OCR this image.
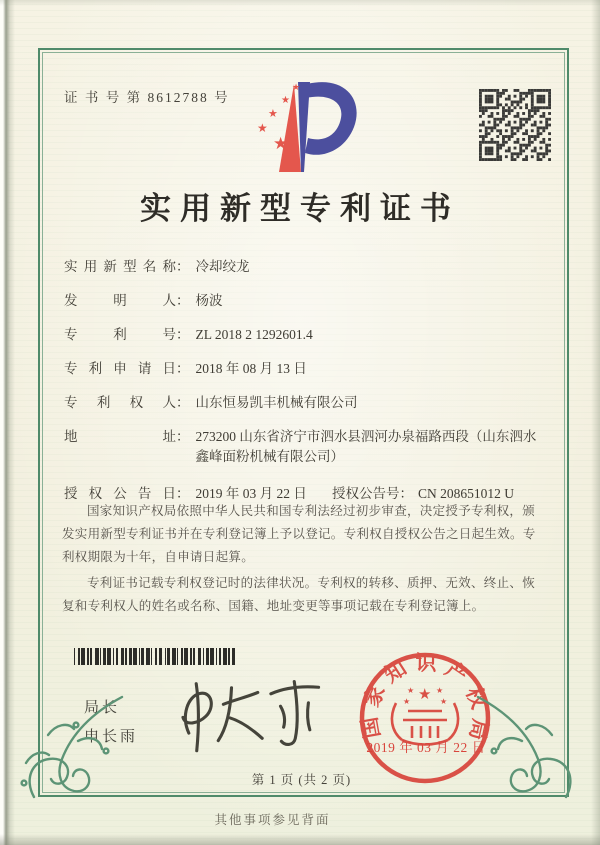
证 书 号 第 8612788 号
★
★
★
★
★
实用新型专利证书
实用新型名称 ： 冷却绞龙
发明人 ： 杨波
专利号 ： ZL 2018 2 1292601.4
专利申请日 ： 2018 年 08 月 13 日
专利权人 ： 山东恒易凯丰机械有限公司
地址 ： 273200 山东省济宁市泗水县泗河办泉福路西段（山东泗水鑫峰面粉机械有限公司）
授权公告日 ： 2019 年 03 月 22 日 授权公告号 ： CN 208651012 U

国家知识产权局依照中华人民共和国专利法经过初步审查，决定授予专利权，颁发实用新型专利证书并在专利登记簿上予以登记。专利权自授权公告之日起生效。专利权期限为十年，自申请日起算。

专利证书记载专利权登记时的法律状况。专利权的转移、质押、无效、终止、恢复和专利权人的姓名或名称、国籍、地址变更等事项记载在专利登记簿上。

局长
申长雨	国家知识产权局
★
★	★
★	★
2019 年 03 月 22 日
第 1 页 (共 2 页)
其他事项参见背面
